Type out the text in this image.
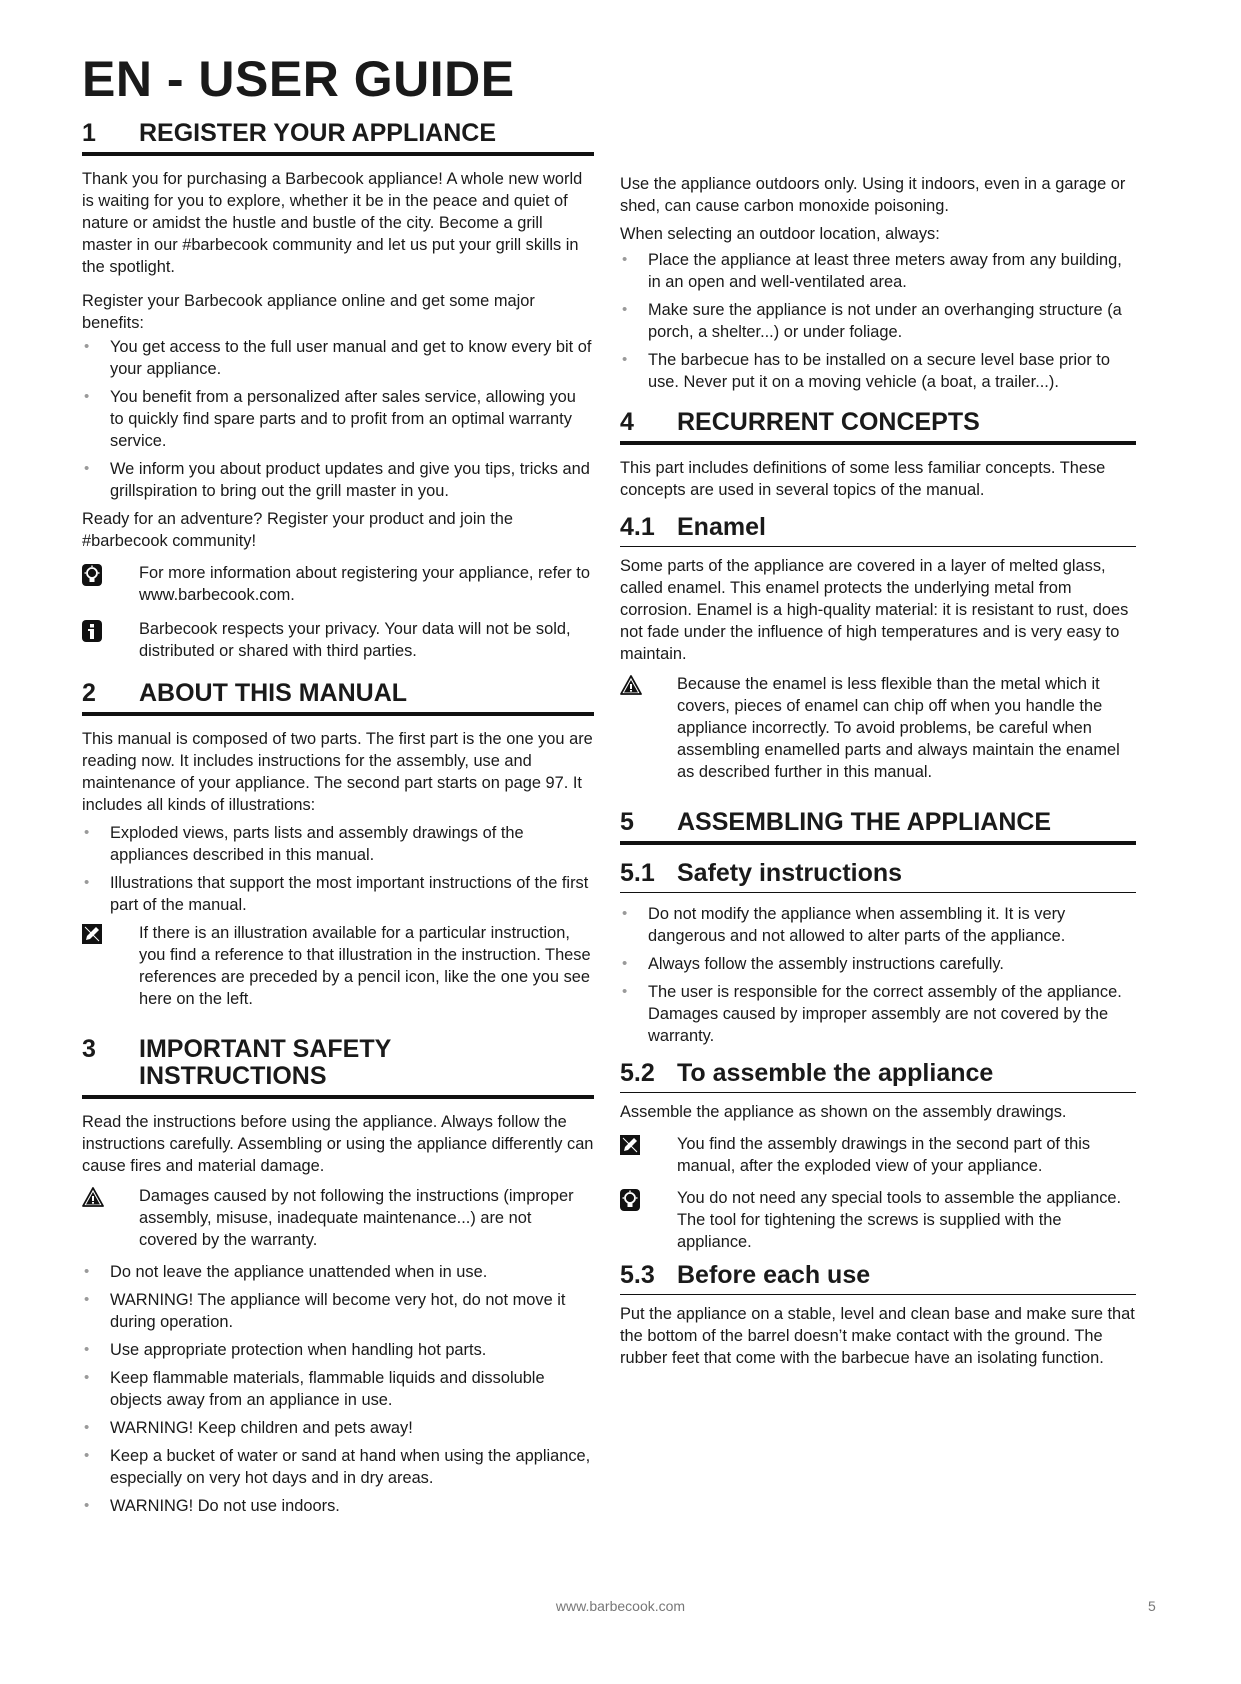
EN - USER GUIDE
1	REGISTER YOUR APPLIANCE

Thank you for purchasing a Barbecook appliance! A whole new world is waiting for you to explore, whether it be in the peace and quiet of nature or amidst the hustle and bustle of the city. Become a grill master in our #barbecook community and let us put your grill skills in the spotlight.

Register your Barbecook appliance online and get some major benefits:

• You get access to the full user manual and get to know every bit of your appliance.
• You benefit from a personalized after sales service, allowing you to quickly find spare parts and to profit from an optimal warranty service.
• We inform you about product updates and give you tips, tricks and grillspiration to bring out the grill master in you.

Ready for an adventure? Register your product and join the #barbecook community!

For more information about registering your appliance, refer to www.barbecook.com.

Barbecook respects your privacy. Your data will not be sold, distributed or shared with third parties.

2	ABOUT THIS MANUAL

This manual is composed of two parts. The first part is the one you are reading now. It includes instructions for the assembly, use and maintenance of your appliance. The second part starts on page 97. It includes all kinds of illustrations:

• Exploded views, parts lists and assembly drawings of the appliances described in this manual.
• Illustrations that support the most important instructions of the first part of the manual.

If there is an illustration available for a particular instruction, you find a reference to that illustration in the instruction. These references are preceded by a pencil icon, like the one you see here on the left.

3	IMPORTANT SAFETY
INSTRUCTIONS

Read the instructions before using the appliance. Always follow the instructions carefully. Assembling or using the appliance differently can cause fires and material damage.

Damages caused by not following the instructions (improper assembly, misuse, inadequate maintenance...) are not covered by the warranty.

• Do not leave the appliance unattended when in use.
• WARNING! The appliance will become very hot, do not move it during operation.
• Use appropriate protection when handling hot parts.
• Keep flammable materials, flammable liquids and dissoluble objects away from an appliance in use.
• WARNING! Keep children and pets away!
• Keep a bucket of water or sand at hand when using the appliance, especially on very hot days and in dry areas.
• WARNING! Do not use indoors.

Use the appliance outdoors only. Using it indoors, even in a garage or shed, can cause carbon monoxide poisoning.

When selecting an outdoor location, always:

• Place the appliance at least three meters away from any building, in an open and well-ventilated area.
• Make sure the appliance is not under an overhanging structure (a porch, a shelter...) or under foliage.
• The barbecue has to be installed on a secure level base prior to use. Never put it on a moving vehicle (a boat, a trailer...).
4	RECURRENT CONCEPTS

This part includes definitions of some less familiar concepts. These concepts are used in several topics of the manual.

4.1 Enamel

Some parts of the appliance are covered in a layer of melted glass, called enamel. This enamel protects the underlying metal from corrosion. Enamel is a high-quality material: it is resistant to rust, does not fade under the influence of high temperatures and is very easy to maintain.

Because the enamel is less flexible than the metal which it covers, pieces of enamel can chip off when you handle the appliance incorrectly. To avoid problems, be careful when assembling enamelled parts and always maintain the enamel as described further in this manual.

5	ASSEMBLING THE APPLIANCE
5.1 Safety instructions
• Do not modify the appliance when assembling it. It is very dangerous and not allowed to alter parts of the appliance.
• Always follow the assembly instructions carefully.
• The user is responsible for the correct assembly of the appliance. Damages caused by improper assembly are not covered by the warranty.
5.2 To assemble the appliance

Assemble the appliance as shown on the assembly drawings.

You find the assembly drawings in the second part of this manual, after the exploded view of your appliance.

You do not need any special tools to assemble the appliance. The tool for tightening the screws is supplied with the appliance.

5.3 Before each use

Put the appliance on a stable, level and clean base and make sure that the bottom of the barrel doesn’t make contact with the ground. The rubber feet that come with the barbecue have an isolating function.

www.barbecook.com	5
